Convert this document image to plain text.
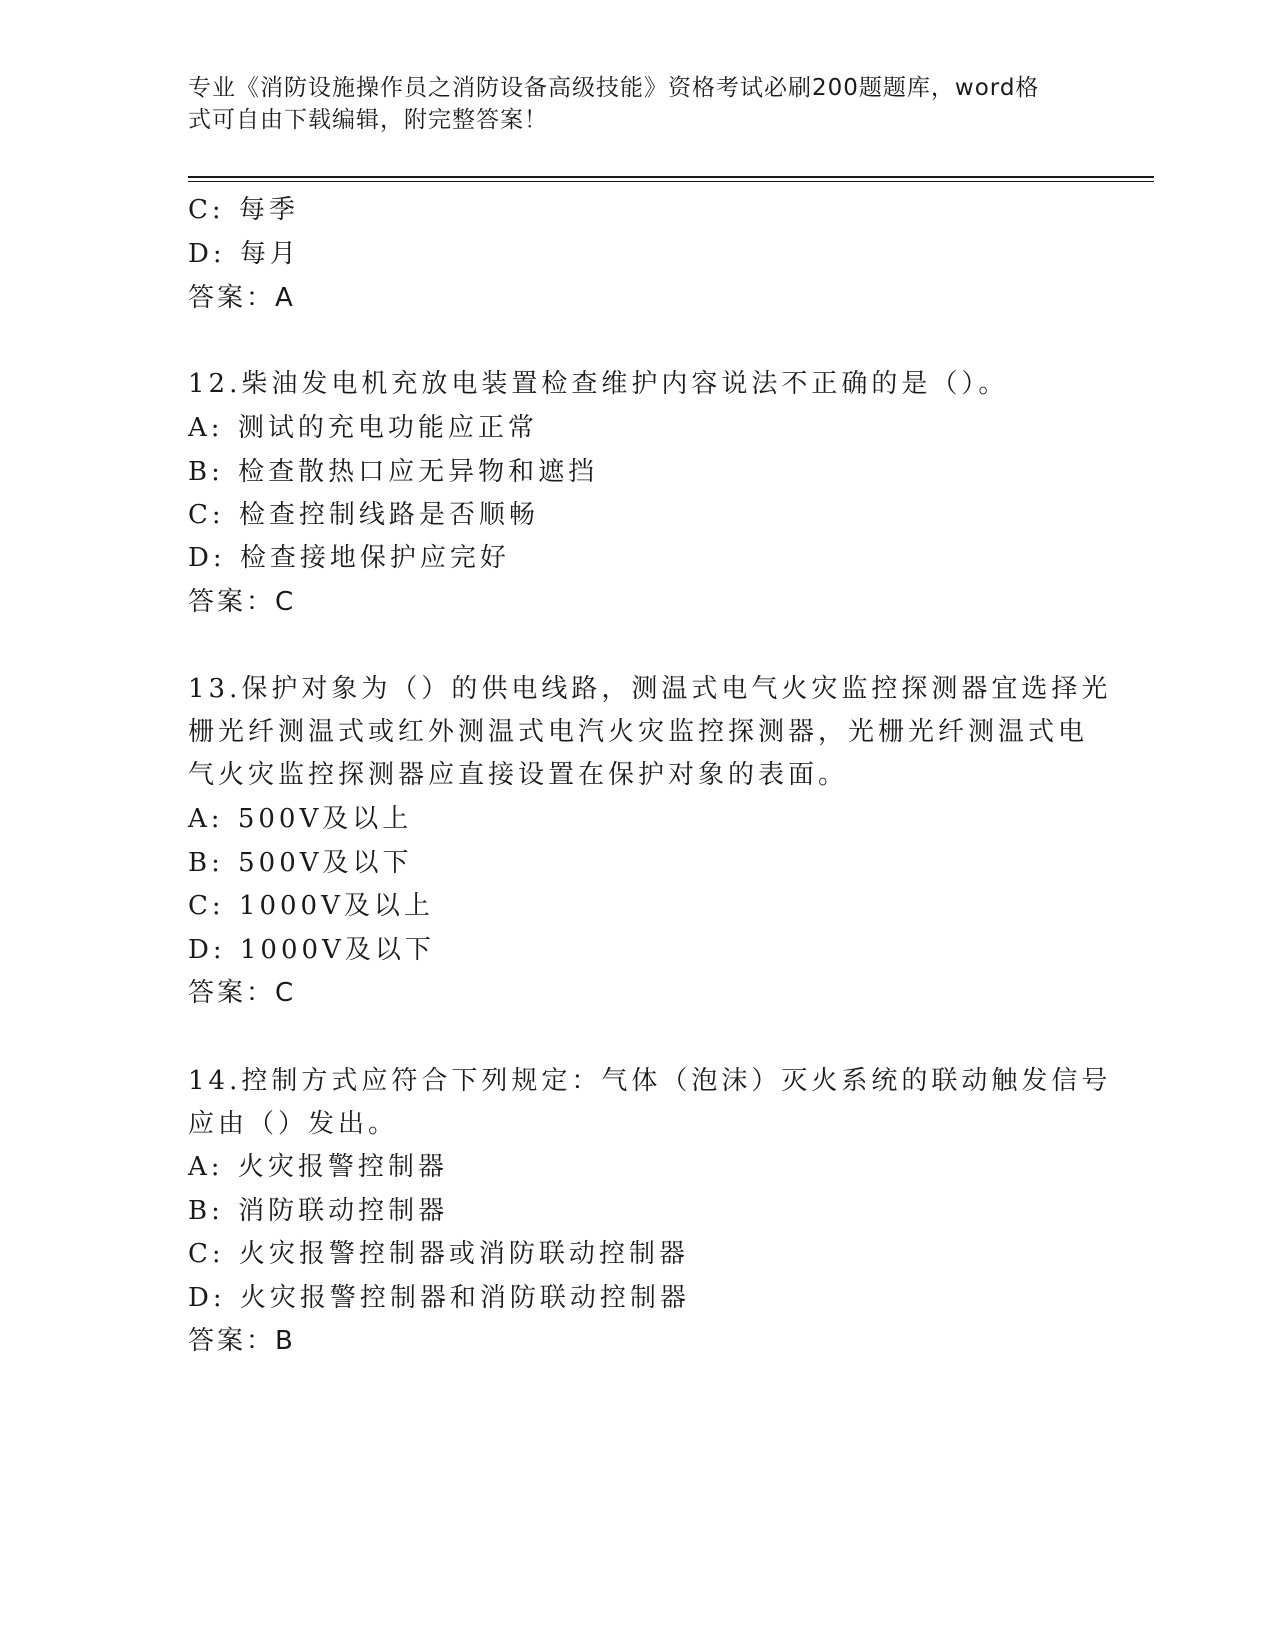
专业《消防设施操作员之消防设备高级技能》资格考试必刷200题题库，word格
式可自由下载编辑，附完整答案！
C: 每季
D: 每月
答案：A
12.柴油发电机充放电装置检查维护内容说法不正确的是（）。
A: 测试的充电功能应正常
B: 检查散热口应无异物和遮挡
C: 检查控制线路是否顺畅
D: 检查接地保护应完好
答案：C
13.保护对象为（）的供电线路，测温式电气火灾监控探测器宜选择光
栅光纤测温式或红外测温式电汽火灾监控探测器，光栅光纤测温式电
气火灾监控探测器应直接设置在保护对象的表面。
A: 500V及以上
B: 500V及以下
C: 1000V及以上
D: 1000V及以下
答案：C
14.控制方式应符合下列规定：气体（泡沫）灭火系统的联动触发信号
应由（）发出。
A: 火灾报警控制器
B: 消防联动控制器
C: 火灾报警控制器或消防联动控制器
D: 火灾报警控制器和消防联动控制器
答案：B
